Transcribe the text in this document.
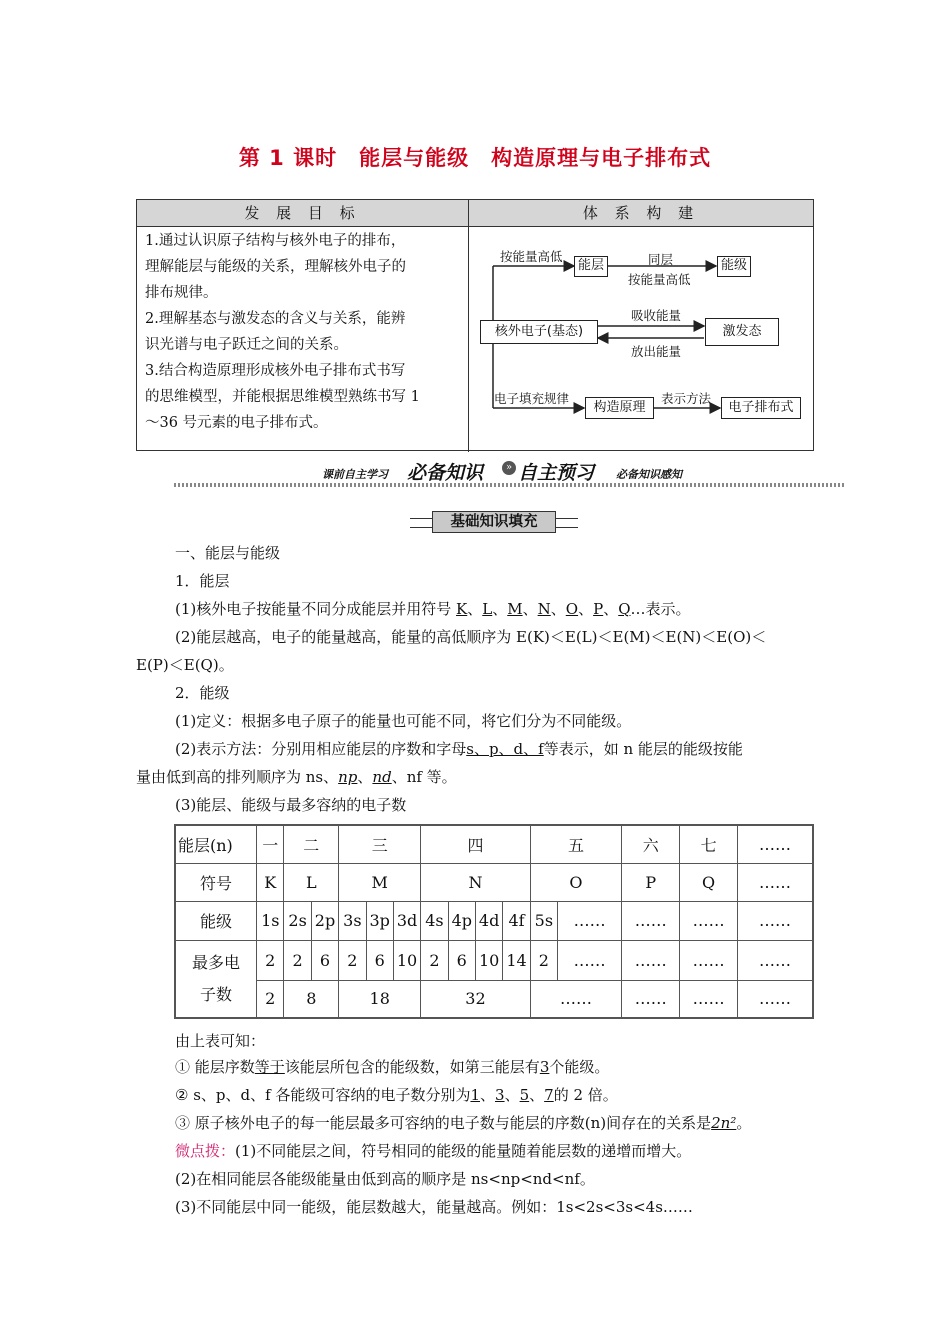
第 1 课时　能层与能级　构造原理与电子排布式
发 展 目 标	体 系 构 建
1.通过认识原子结构与核外电子的排布，
理解能层与能级的关系，理解核外电子的
排布规律。
2.理解基态与激发态的含义与关系，能辨
识光谱与电子跃迁之间的关系。
3.结合构造原理形成核外电子排布式书写
的思维模型，并能根据思维模型熟练书写 1
～36 号元素的电子排布式。
按能量高低
能层	同层
按能量高低
能级
核外电子(基态)
吸收能量
放出能量
激发态
电子填充规律
构造原理
表示方法
电子排布式
课前自主学习 必备知识	» 自主预习 必备知识感知
基础知识填充
一、能层与能级
1．能层
(1)核外电子按能量不同分成能层并用符号 K、L、M、N、O、P、Q…表示。
(2)能层越高，电子的能量越高，能量的高低顺序为 E(K)＜E(L)＜E(M)＜E(N)＜E(O)＜
E(P)＜E(Q)。
2．能级
(1)定义：根据多电子原子的能量也可能不同，将它们分为不同能级。
(2)表示方法：分别用相应能层的序数和字母s、p、d、f等表示，如 n 能层的能级按能
量由低到高的排列顺序为 ns、np、nd、nf 等。
(3)能层、能级与最多容纳的电子数
能层(n)	一	二		三			四				五		六	七	……
符号	K	L		M			N				O		P	Q	……
能级	1s	2s	2p	3s	3p	3d	4s	4p	4d	4f	5s	……	……	……	……

最多电
子数	2	2	6	2	6	10	2	6	10	14	2	……	……	……	……
	2	8		18			32				……		……	……	……
由上表可知：
① 能层序数等于该能层所包含的能级数，如第三能层有3个能级。
② s、p、d、f 各能级可容纳的电子数分别为1、3、5、7的 2 倍。
③ 原子核外电子的每一能层最多可容纳的电子数与能层的序数(n)间存在的关系是2n²。
微点拨：(1)不同能层之间，符号相同的能级的能量随着能层数的递增而增大。
(2)在相同能层各能级能量由低到高的顺序是 ns<np<nd<nf。
(3)不同能层中同一能级，能层数越大，能量越高。例如：1s<2s<3s<4s……
